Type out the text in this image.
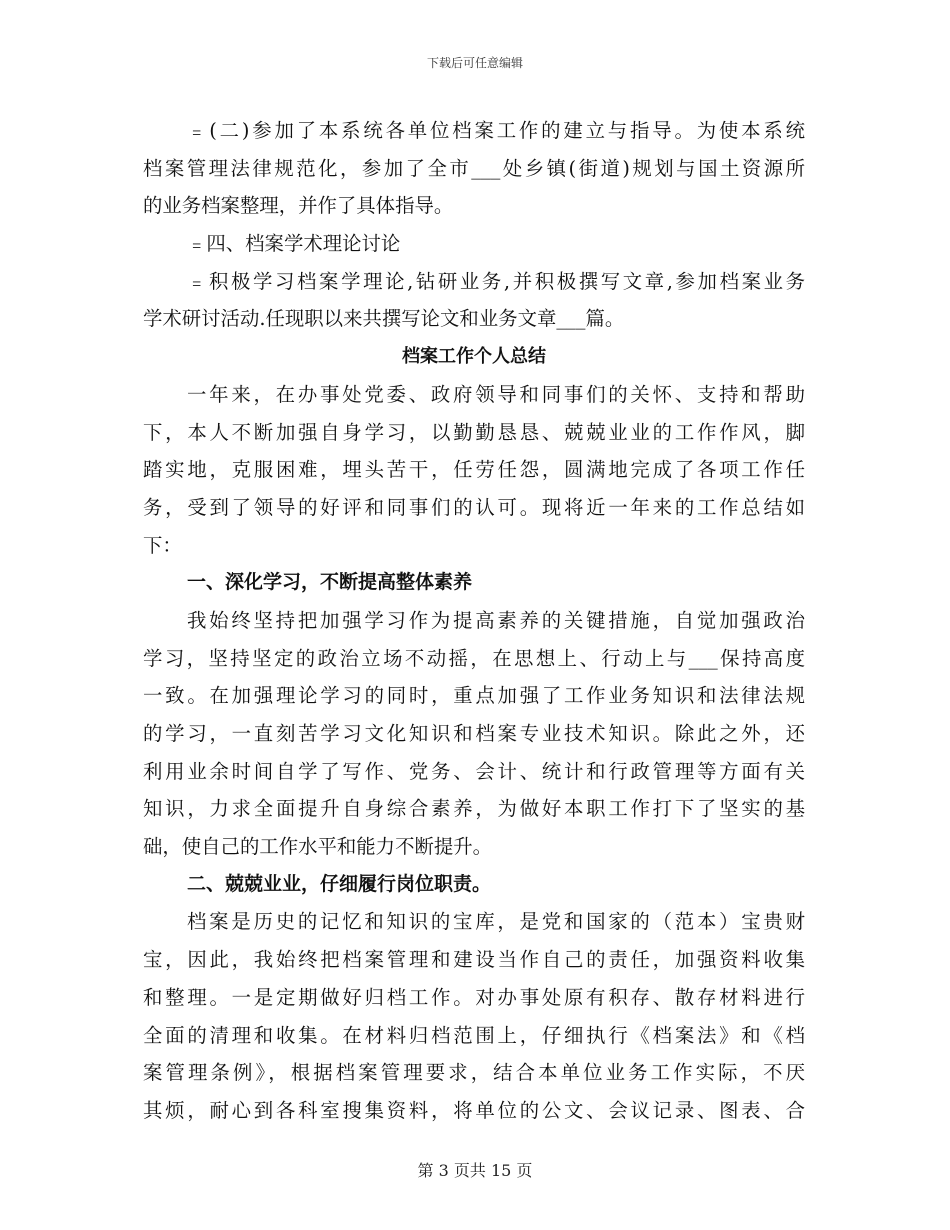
下载后可任意编辑
﹦(二)参加了本系统各单位档案工作的建立与指导。为使本系统
档案管理法律规范化，参加了全市___处乡镇(街道)规划与国土资源所
的业务档案整理，并作了具体指导。
﹦四、档案学术理论讨论
﹦积极学习档案学理论,钻研业务,并积极撰写文章,参加档案业务
学术研讨活动.任现职以来共撰写论文和业务文章___篇。
档案工作个人总结
一年来，在办事处党委、政府领导和同事们的关怀、支持和帮助
下，本人不断加强自身学习，以勤勤恳恳、兢兢业业的工作作风，脚
踏实地，克服困难，埋头苦干，任劳任怨，圆满地完成了各项工作任
务，受到了领导的好评和同事们的认可。现将近一年来的工作总结如
下：
一、深化学习，不断提高整体素养
我始终坚持把加强学习作为提高素养的关键措施，自觉加强政治
学习，坚持坚定的政治立场不动摇，在思想上、行动上与___保持高度
一致。在加强理论学习的同时，重点加强了工作业务知识和法律法规
的学习，一直刻苦学习文化知识和档案专业技术知识。除此之外，还
利用业余时间自学了写作、党务、会计、统计和行政管理等方面有关
知识，力求全面提升自身综合素养，为做好本职工作打下了坚实的基
础，使自己的工作水平和能力不断提升。
二、兢兢业业，仔细履行岗位职责。
档案是历史的记忆和知识的宝库，是党和国家的（范本）宝贵财
宝，因此，我始终把档案管理和建设当作自己的责任，加强资料收集
和整理。一是定期做好归档工作。对办事处原有积存、散存材料进行
全面的清理和收集。在材料归档范围上，仔细执行《档案法》和《档
案管理条例》，根据档案管理要求，结合本单位业务工作实际，不厌
其烦，耐心到各科室搜集资料，将单位的公文、会议记录、图表、合
第 3 页共 15 页
